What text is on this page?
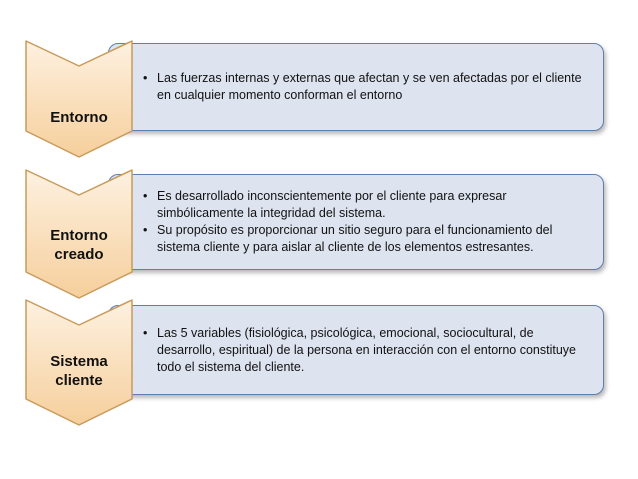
• Las fuerzas internas y externas que afectan y se ven afectadas por el cliente en cualquier momento conforman el entorno
Entorno
• Es desarrollado inconscientemente por el cliente para expresar simbólicamente la integridad del sistema.
• Su propósito es proporcionar un sitio seguro para el funcionamiento del sistema cliente y para aislar al cliente de los elementos estresantes.
Entorno
creado
• Las 5 variables (fisiológica, psicológica, emocional, sociocultural, de desarrollo, espiritual) de la persona en interacción con el entorno constituye todo el sistema del cliente.
Sistema
cliente
